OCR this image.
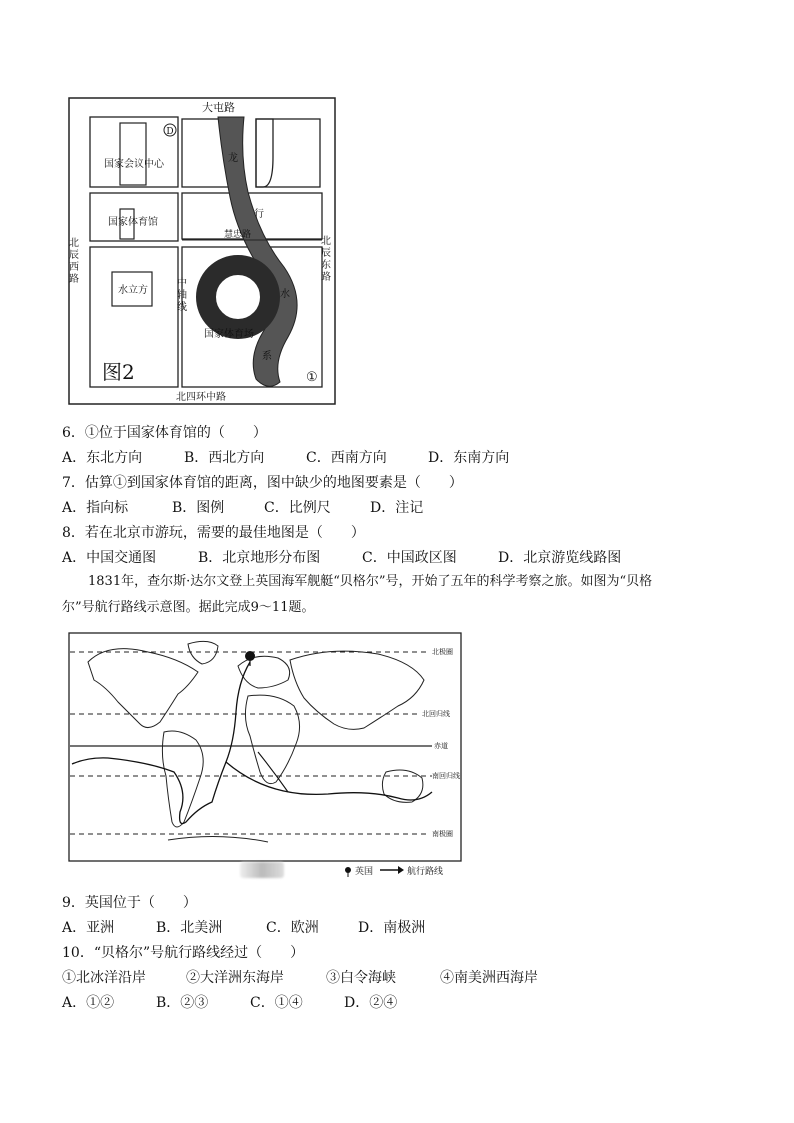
D
①
大屯路
北四环中路
北辰西路	北辰东路
中轴线
慧忠路
国家会议中心
国家体育馆
水立方
国家体育场
龙
行
水
系
图2
6．①位于国家体育馆的（　　）
A．东北方向	B．西北方向	C．西南方向	D．东南方向
7．估算①到国家体育馆的距离，图中缺少的地图要素是（　　）
A．指向标	B．图例	C．比例尺	D．注记
8．若在北京市游玩，需要的最佳地图是（　　）
A．中国交通图	B．北京地形分布图	C．中国政区图	D．北京游览线路图

1831年，查尔斯·达尔文登上英国海军舰艇“贝格尔”号，开始了五年的科学考察之旅。如图为“贝格

尔”号航行路线示意图。据此完成9～11题。

北极圈
北回归线
赤道
南回归线
南极圈
英国	航行路线
9．英国位于（　　）
A．亚洲	B．北美洲	C．欧洲	D．南极洲
10．“贝格尔”号航行路线经过（　　）
①北冰洋沿岸	②大洋洲东海岸	③白令海峡	④南美洲西海岸
A．①②	B．②③	C．①④	D．②④
